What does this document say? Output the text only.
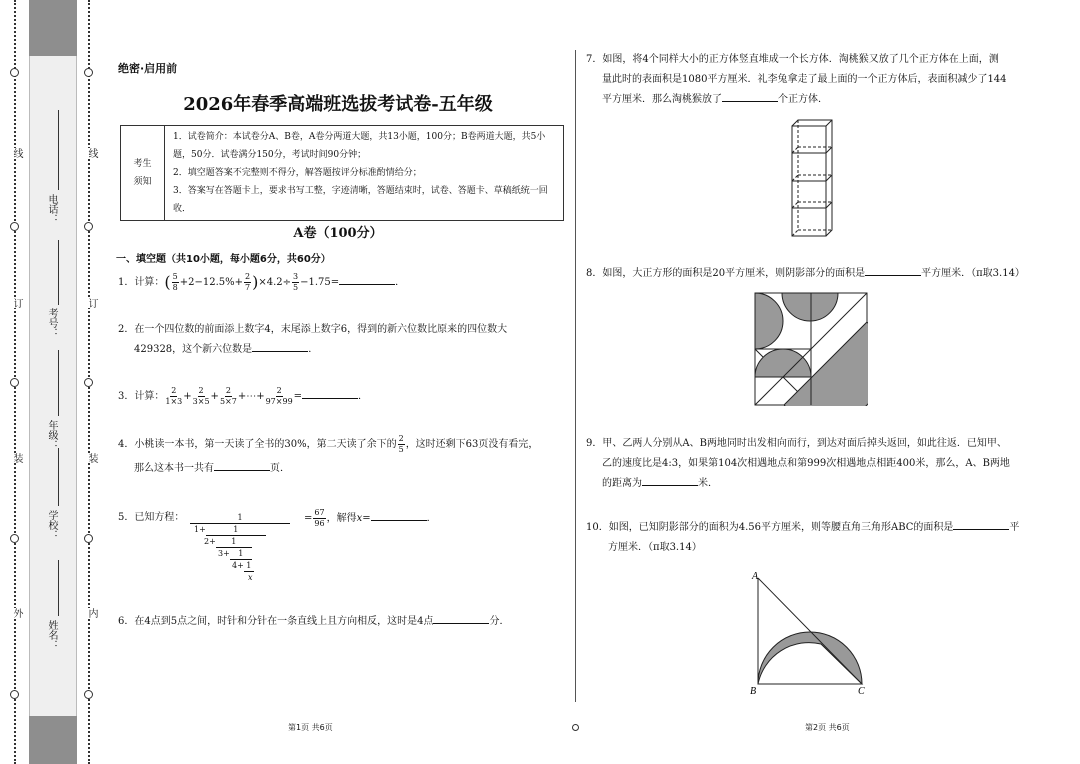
线
订
装
外
线
订
装
内
电话：
考号：
年级：
学校：
姓名：
绝密·启用前
2026年春季高端班选拔考试卷-五年级
考生
须知

1．试卷简介：本试卷分A、B卷，A卷分两道大题，共13小题，100分；B卷两道大题，共5小题，50分．试卷满分150分，考试时间90分钟；
2．填空题答案不完整则不得分，解答题按评分标准酌情给分；
3．答案写在答题卡上，要求书写工整，字迹清晰，答题结束时，试卷、答题卡、草稿纸统一回收．
A卷（100分）
一、填空题（共10小题，每小题6分，共60分）
1．计算：( $\frac{5}{8} +2-12.5\%+ \frac{2}{7} )\times 4.2\div \frac{3}{5} -1.75=$	．
2．在一个四位数的前面添上数字4，末尾添上数字6，得到的新六位数比原来的四位数大
429328，这个新六位数是	．
3．计算： $\frac{2}{1\times 3} + \frac{2}{3\times 5} + \frac{2}{5\times 7}$ +⋯+ $\frac{2}{97\times 99}$ =	．
4．小桃读一本书，第一天读了全书的30%，第二天读了余下的 $\frac{2}{5}$ ，这时还剩下63页没有看完，
那么这本书一共有	页．
5．已知方程：	1
1+	1
2+ 1
3+ 1
4+ 1
x
= $\frac{67}{96}$ ，解得x=	．
6．在4点到5点之间，时针和分针在一条直线上且方向相反，这时是4点	分．
第1页 共6页	第2页 共6页
7．如图，将4个同样大小的正方体竖直堆成一个长方体．淘桃猴又放了几个正方体在上面，测
量此时的表面积是1080平方厘米．礼李兔拿走了最上面的一个正方体后，表面积减少了144
平方厘米．那么淘桃猴放了	个正方体．
8．如图，大正方形的面积是20平方厘米，则阴影部分的面积是	平方厘米．（π取3.14）
9．甲、乙两人分别从A、B两地同时出发相向而行，到达对面后掉头返回，如此往返．已知甲、
乙的速度比是4:3，如果第104次相遇地点和第999次相遇地点相距400米，那么，A、B两地
的距离为	米．
10．如图，已知阴影部分的面积为4.56平方厘米，则等腰直角三角形ABC的面积是	平
方厘米．（π取3.14）
A
B	C
